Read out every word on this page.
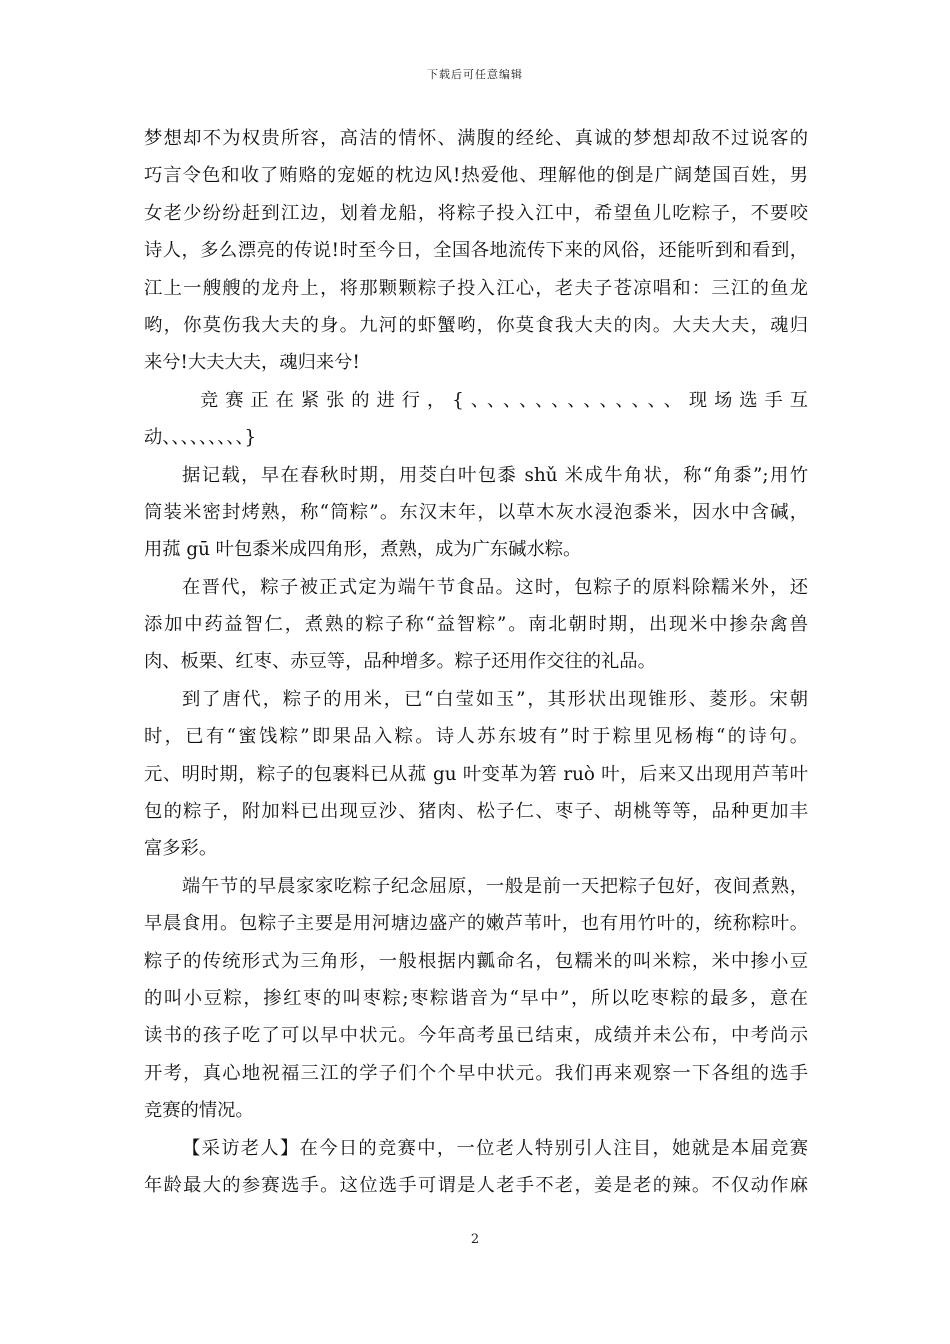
下载后可任意编辑
梦想却不为权贵所容，高洁的情怀、满腹的经纶、真诚的梦想却敌不过说客的
巧言令色和收了贿赂的宠姬的枕边风!热爱他、理解他的倒是广阔楚国百姓，男
女老少纷纷赶到江边，划着龙船，将粽子投入江中，希望鱼儿吃粽子，不要咬
诗人，多么漂亮的传说!时至今日，全国各地流传下来的风俗，还能听到和看到，
江上一艘艘的龙舟上，将那颗颗粽子投入江心，老夫子苍凉唱和：三江的鱼龙
哟，你莫伤我大夫的身。九河的虾蟹哟，你莫食我大夫的肉。大夫大夫，魂归
来兮!大夫大夫，魂归来兮!
竞赛正在紧张的进行，{、、、、、、、、、、、、、现场选手互
动、、、、、、、、、}
据记载，早在春秋时期，用茭白叶包黍 shǔ 米成牛角状，称“角黍”;用竹
筒装米密封烤熟，称“筒粽”。东汉末年，以草木灰水浸泡黍米，因水中含碱，
用菰 gū 叶包黍米成四角形，煮熟，成为广东碱水粽。
在晋代，粽子被正式定为端午节食品。这时，包粽子的原料除糯米外，还
添加中药益智仁，煮熟的粽子称“益智粽”。南北朝时期，出现米中掺杂禽兽
肉、板栗、红枣、赤豆等，品种增多。粽子还用作交往的礼品。
到了唐代，粽子的用米，已“白莹如玉”，其形状出现锥形、菱形。宋朝
时，已有“蜜饯粽”即果品入粽。诗人苏东坡有”时于粽里见杨梅“的诗句。
元、明时期，粽子的包裹料已从菰 gu 叶变革为箬 ruò 叶，后来又出现用芦苇叶
包的粽子，附加料已出现豆沙、猪肉、松子仁、枣子、胡桃等等，品种更加丰
富多彩。
端午节的早晨家家吃粽子纪念屈原，一般是前一天把粽子包好，夜间煮熟，
早晨食用。包粽子主要是用河塘边盛产的嫩芦苇叶，也有用竹叶的，统称粽叶。
粽子的传统形式为三角形，一般根据内瓤命名，包糯米的叫米粽，米中掺小豆
的叫小豆粽，掺红枣的叫枣粽;枣粽谐音为“早中”，所以吃枣粽的最多，意在
读书的孩子吃了可以早中状元。今年高考虽已结束，成绩并未公布，中考尚示
开考，真心地祝福三江的学子们个个早中状元。我们再来观察一下各组的选手
竞赛的情况。
【采访老人】在今日的竞赛中，一位老人特别引人注目，她就是本届竞赛
年龄最大的参赛选手。这位选手可谓是人老手不老，姜是老的辣。不仅动作麻
2
